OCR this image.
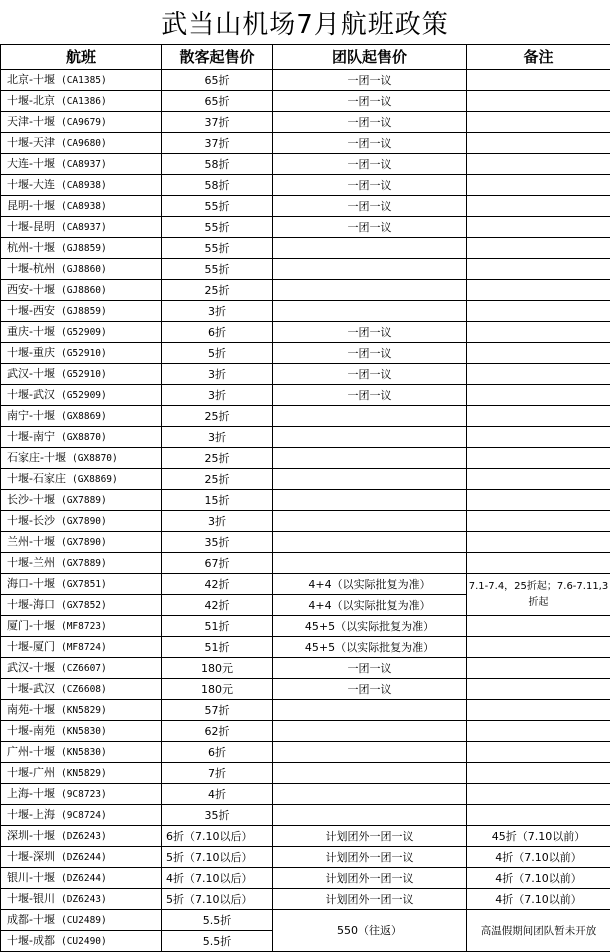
武当山机场7月航班政策
航班	散客起售价	团队起售价	备注
北京-十堰 (CA1385)	65折	一团一议	
十堰-北京 (CA1386)	65折	一团一议	
天津-十堰 (CA9679)	37折	一团一议	
十堰-天津 (CA9680)	37折	一团一议	
大连-十堰 (CA8937)	58折	一团一议	
十堰-大连 (CA8938)	58折	一团一议	
昆明-十堰 (CA8938)	55折	一团一议	
十堰-昆明 (CA8937)	55折	一团一议	
杭州-十堰 (GJ8859)	55折		
十堰-杭州 (GJ8860)	55折		
西安-十堰 (GJ8860)	25折		
十堰-西安 (GJ8859)	3折		
重庆-十堰 (G52909)	6折	一团一议	
十堰-重庆 (G52910)	5折	一团一议	
武汉-十堰 (G52910)	3折	一团一议	
十堰-武汉 (G52909)	3折	一团一议	
南宁-十堰 (GX8869)	25折		
十堰-南宁 (GX8870)	3折		
石家庄-十堰 (GX8870)	25折		
十堰-石家庄 (GX8869)	25折		
长沙-十堰 (GX7889)	15折		
十堰-长沙 (GX7890)	3折		
兰州-十堰 (GX7890)	35折		
十堰-兰州 (GX7889)	67折		
海口-十堰 (GX7851)	42折	4+4（以实际批复为准）	7.1-7.4，25折起；7.6-7.11,3折起
十堰-海口 (GX7852)	42折	4+4（以实际批复为准）	
厦门-十堰 (MF8723)	51折	45+5（以实际批复为准）	
十堰-厦门 (MF8724)	51折	45+5（以实际批复为准）	
武汉-十堰 (CZ6607)	180元	一团一议	
十堰-武汉 (CZ6608)	180元	一团一议	
南苑-十堰 (KN5829)	57折		
十堰-南苑 (KN5830)	62折		
广州-十堰 (KN5830)	6折		
十堰-广州 (KN5829)	7折		
上海-十堰 (9C8723)	4折		
十堰-上海 (9C8724)	35折		
深圳-十堰 (DZ6243)	6折（7.10以后）	计划团外一团一议	45折（7.10以前）
十堰-深圳 (DZ6244)	5折（7.10以后）	计划团外一团一议	4折（7.10以前）
银川-十堰 (DZ6244)	4折（7.10以后）	计划团外一团一议	4折（7.10以前）
十堰-银川 (DZ6243)	5折（7.10以后）	计划团外一团一议	4折（7.10以前）
成都-十堰 (CU2489)	5.5折	550（往返）	高温假期间团队暂未开放
十堰-成都 (CU2490)	5.5折		
